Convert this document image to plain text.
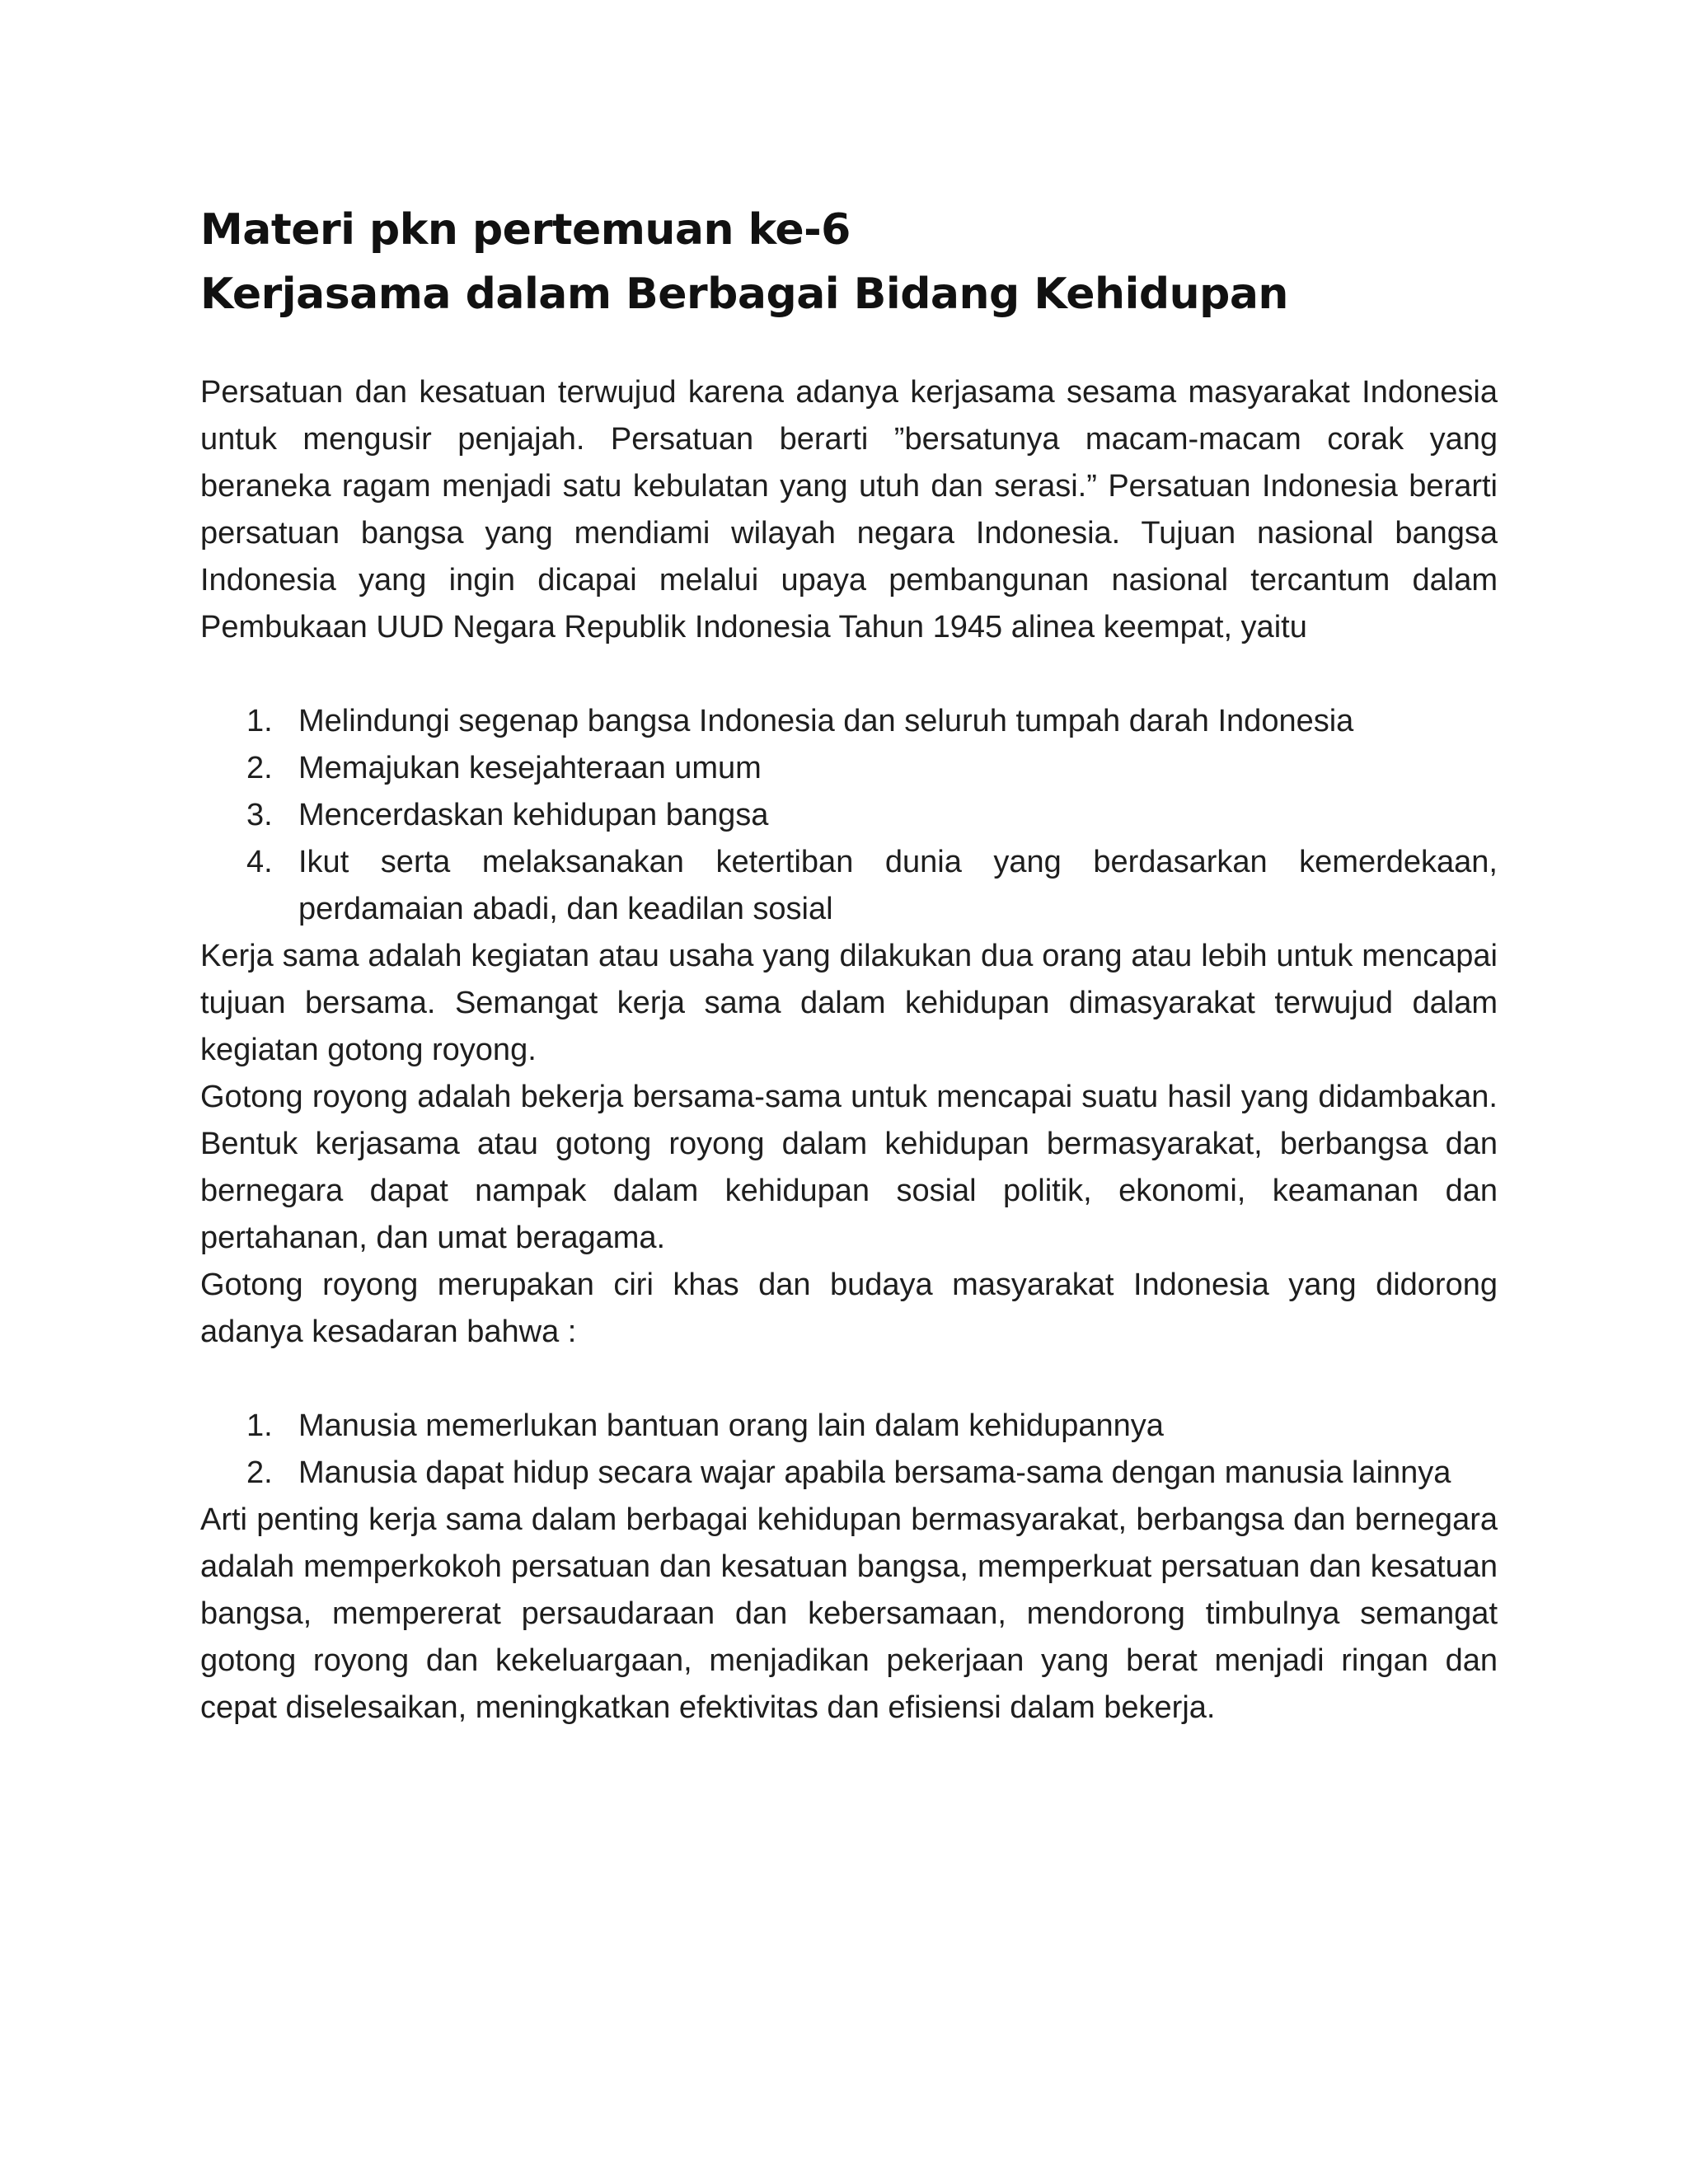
Materi pkn pertemuan ke-6
Kerjasama dalam Berbagai Bidang Kehidupan

Persatuan dan kesatuan terwujud karena adanya kerjasama sesama masyarakat Indonesia untuk mengusir penjajah. Persatuan berarti ”bersatunya macam-macam corak yang beraneka ragam menjadi satu kebulatan yang utuh dan serasi.” Persatuan Indonesia berarti persatuan bangsa yang mendiami wilayah negara Indonesia. Tujuan nasional bangsa Indonesia yang ingin dicapai melalui upaya pembangunan nasional tercantum dalam Pembukaan UUD Negara Republik Indonesia Tahun 1945 alinea keempat, yaitu

1. Melindungi segenap bangsa Indonesia dan seluruh tumpah darah Indonesia
2. Memajukan kesejahteraan umum
3. Mencerdaskan kehidupan bangsa
4. Ikut serta melaksanakan ketertiban dunia yang berdasarkan kemerdekaan, perdamaian abadi, dan keadilan sosial

Kerja sama adalah kegiatan atau usaha yang dilakukan dua orang atau lebih untuk mencapai tujuan bersama. Semangat kerja sama dalam kehidupan dimasyarakat terwujud dalam kegiatan gotong royong.

Gotong royong adalah bekerja bersama-sama untuk mencapai suatu hasil yang didambakan. Bentuk kerjasama atau gotong royong dalam kehidupan bermasyarakat, berbangsa dan bernegara dapat nampak dalam kehidupan sosial politik, ekonomi, keamanan dan pertahanan, dan umat beragama.

Gotong royong merupakan ciri khas dan budaya masyarakat Indonesia yang didorong adanya kesadaran bahwa :

1. Manusia memerlukan bantuan orang lain dalam kehidupannya
2. Manusia dapat hidup secara wajar apabila bersama-sama dengan manusia lainnya

Arti penting kerja sama dalam berbagai kehidupan bermasyarakat, berbangsa dan bernegara adalah memperkokoh persatuan dan kesatuan bangsa, memperkuat persatuan dan kesatuan bangsa, mempererat persaudaraan dan kebersamaan, mendorong timbulnya semangat gotong royong dan kekeluargaan, menjadikan pekerjaan yang berat menjadi ringan dan cepat diselesaikan, meningkatkan efektivitas dan efisiensi dalam bekerja.
